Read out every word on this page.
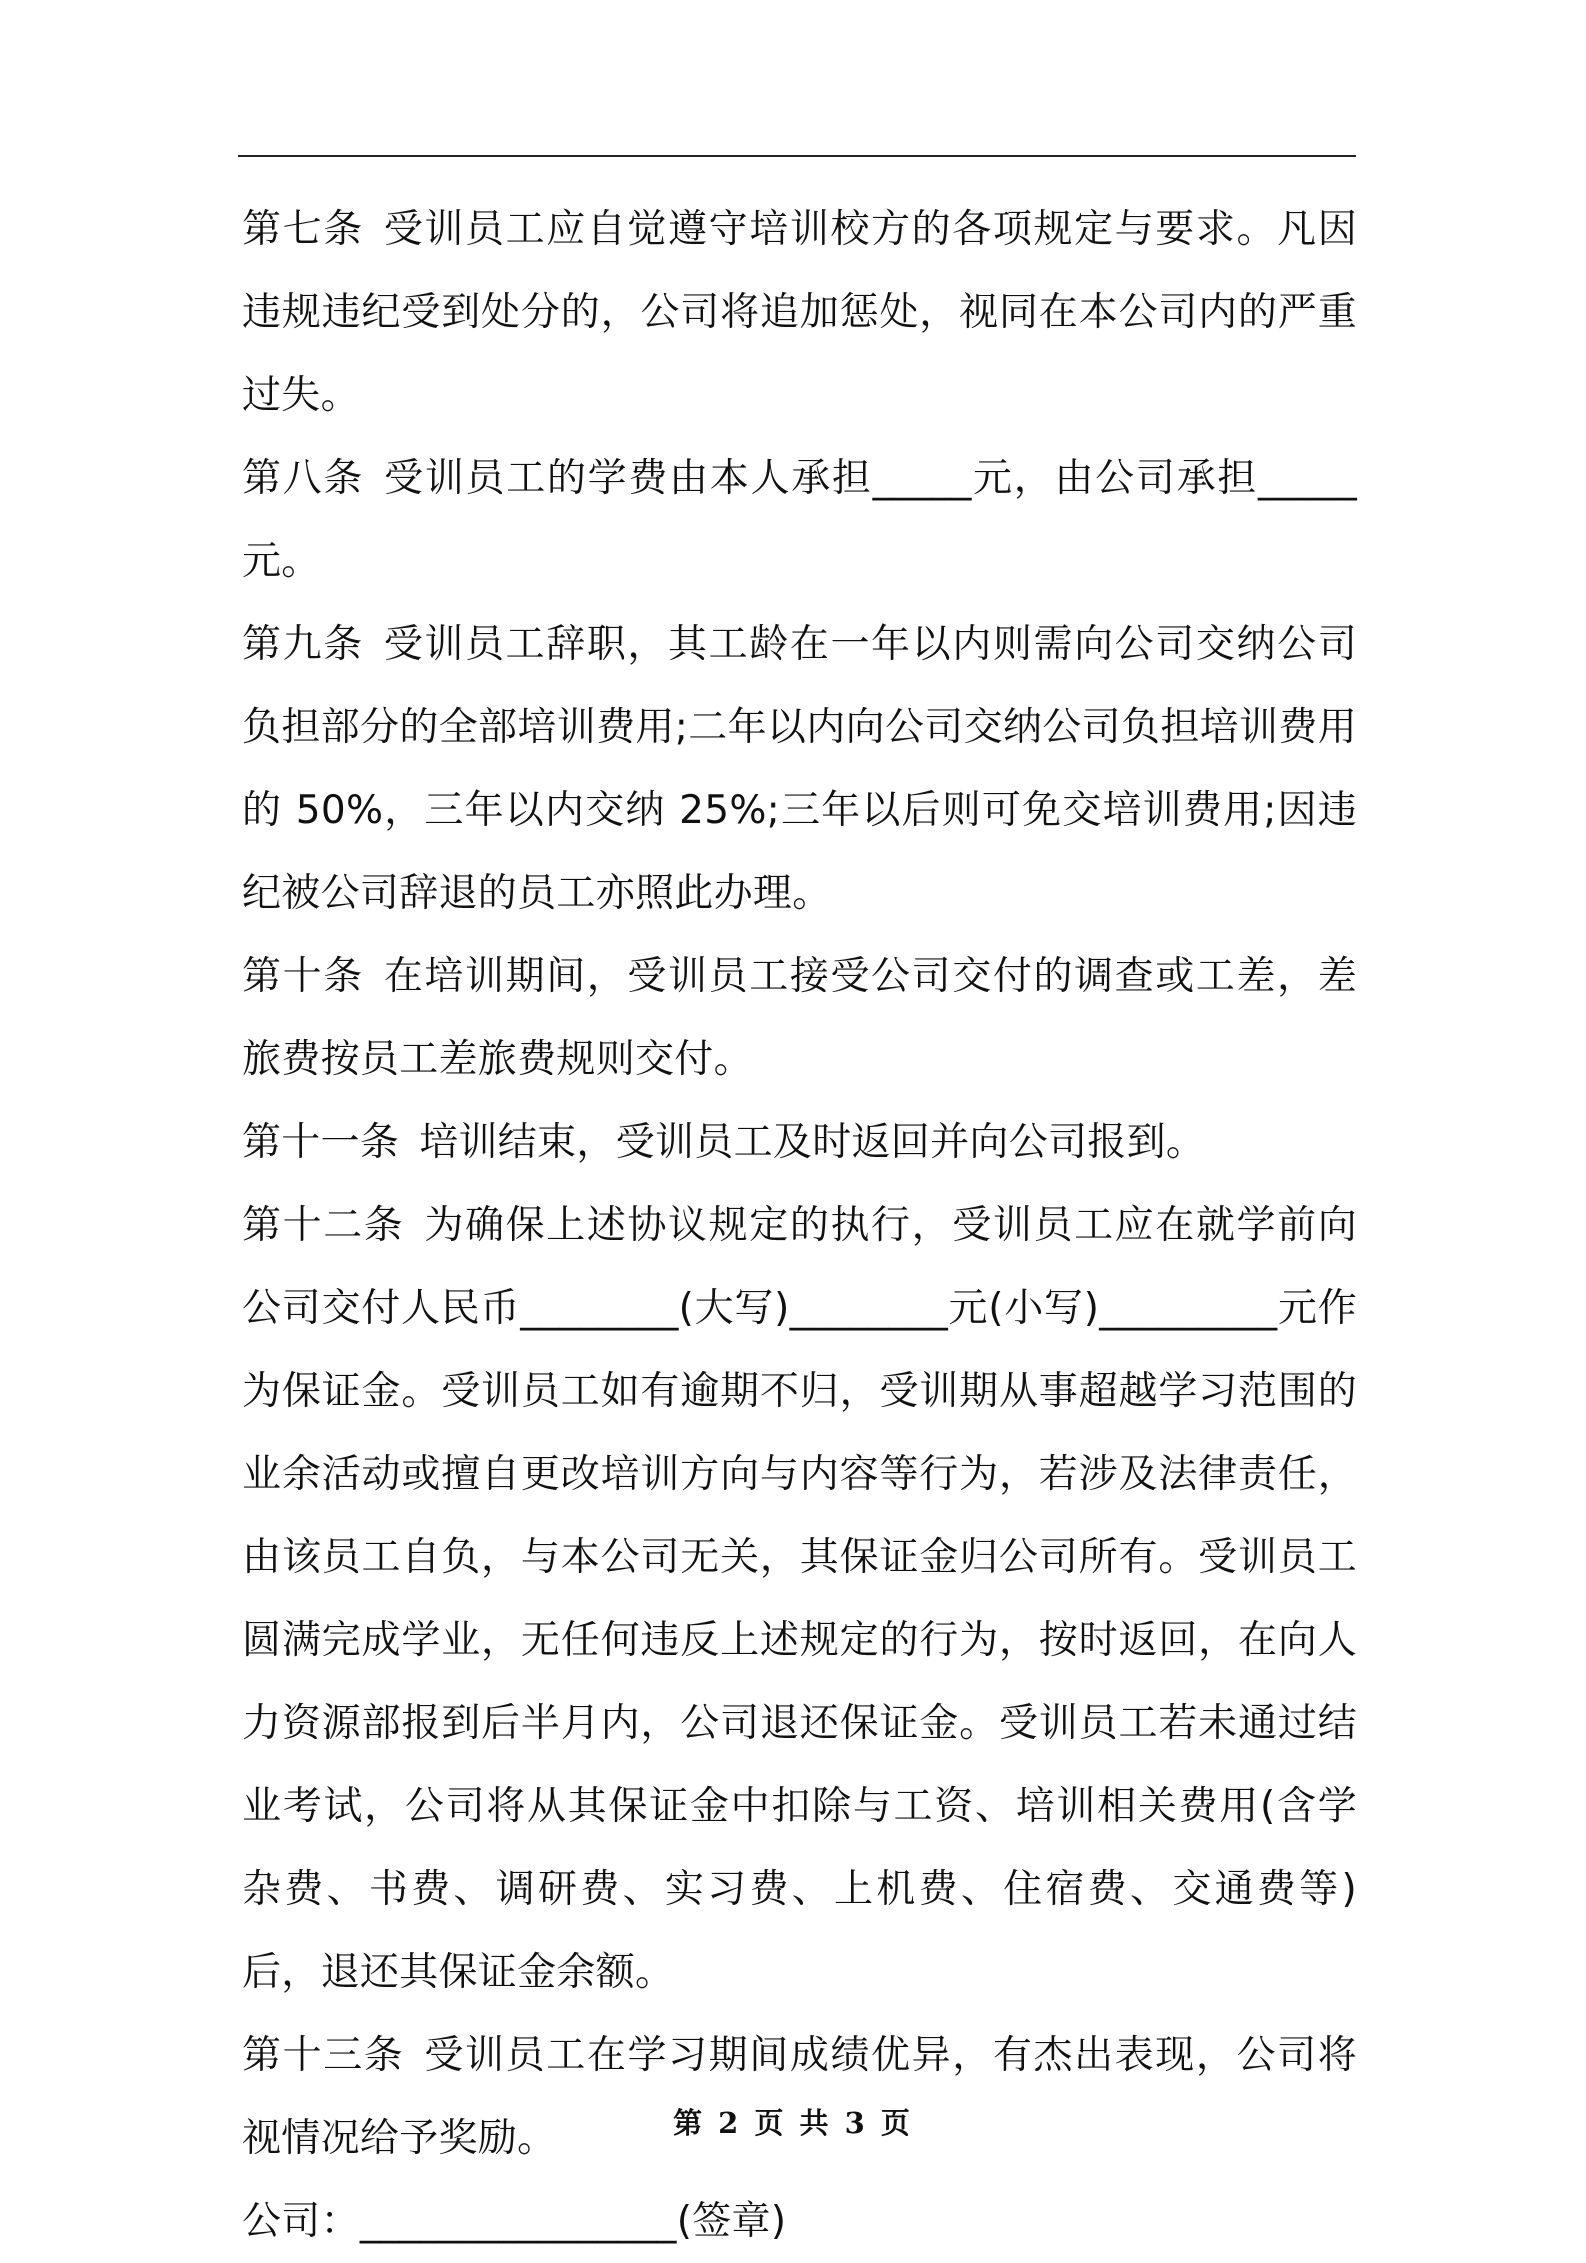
第七条 受训员工应自觉遵守培训校方的各项规定与要求。凡因违规违纪受到处分的，公司将追加惩处，视同在本公司内的严重过失。

第八条 受训员工的学费由本人承担_____元，由公司承担_____元。

第九条 受训员工辞职，其工龄在一年以内则需向公司交纳公司负担部分的全部培训费用;二年以内向公司交纳公司负担培训费用的 50%，三年以内交纳 25%;三年以后则可免交培训费用;因违纪被公司辞退的员工亦照此办理。

第十条 在培训期间，受训员工接受公司交付的调查或工差，差旅费按员工差旅费规则交付。

第十一条 培训结束，受训员工及时返回并向公司报到。

第十二条 为确保上述协议规定的执行，受训员工应在就学前向公司交付人民币________(大写)________元(小写)_________元作为保证金。受训员工如有逾期不归，受训期从事超越学习范围的业余活动或擅自更改培训方向与内容等行为，若涉及法律责任，由该员工自负，与本公司无关，其保证金归公司所有。受训员工圆满完成学业，无任何违反上述规定的行为，按时返回，在向人力资源部报到后半月内，公司退还保证金。受训员工若未通过结业考试，公司将从其保证金中扣除与工资、培训相关费用(含学杂费、书费、调研费、实习费、上机费、住宿费、交通费等)后，退还其保证金余额。

第十三条 受训员工在学习期间成绩优异，有杰出表现，公司将视情况给予奖励。

公司：________________(签章)

第 2 页 共 3 页
